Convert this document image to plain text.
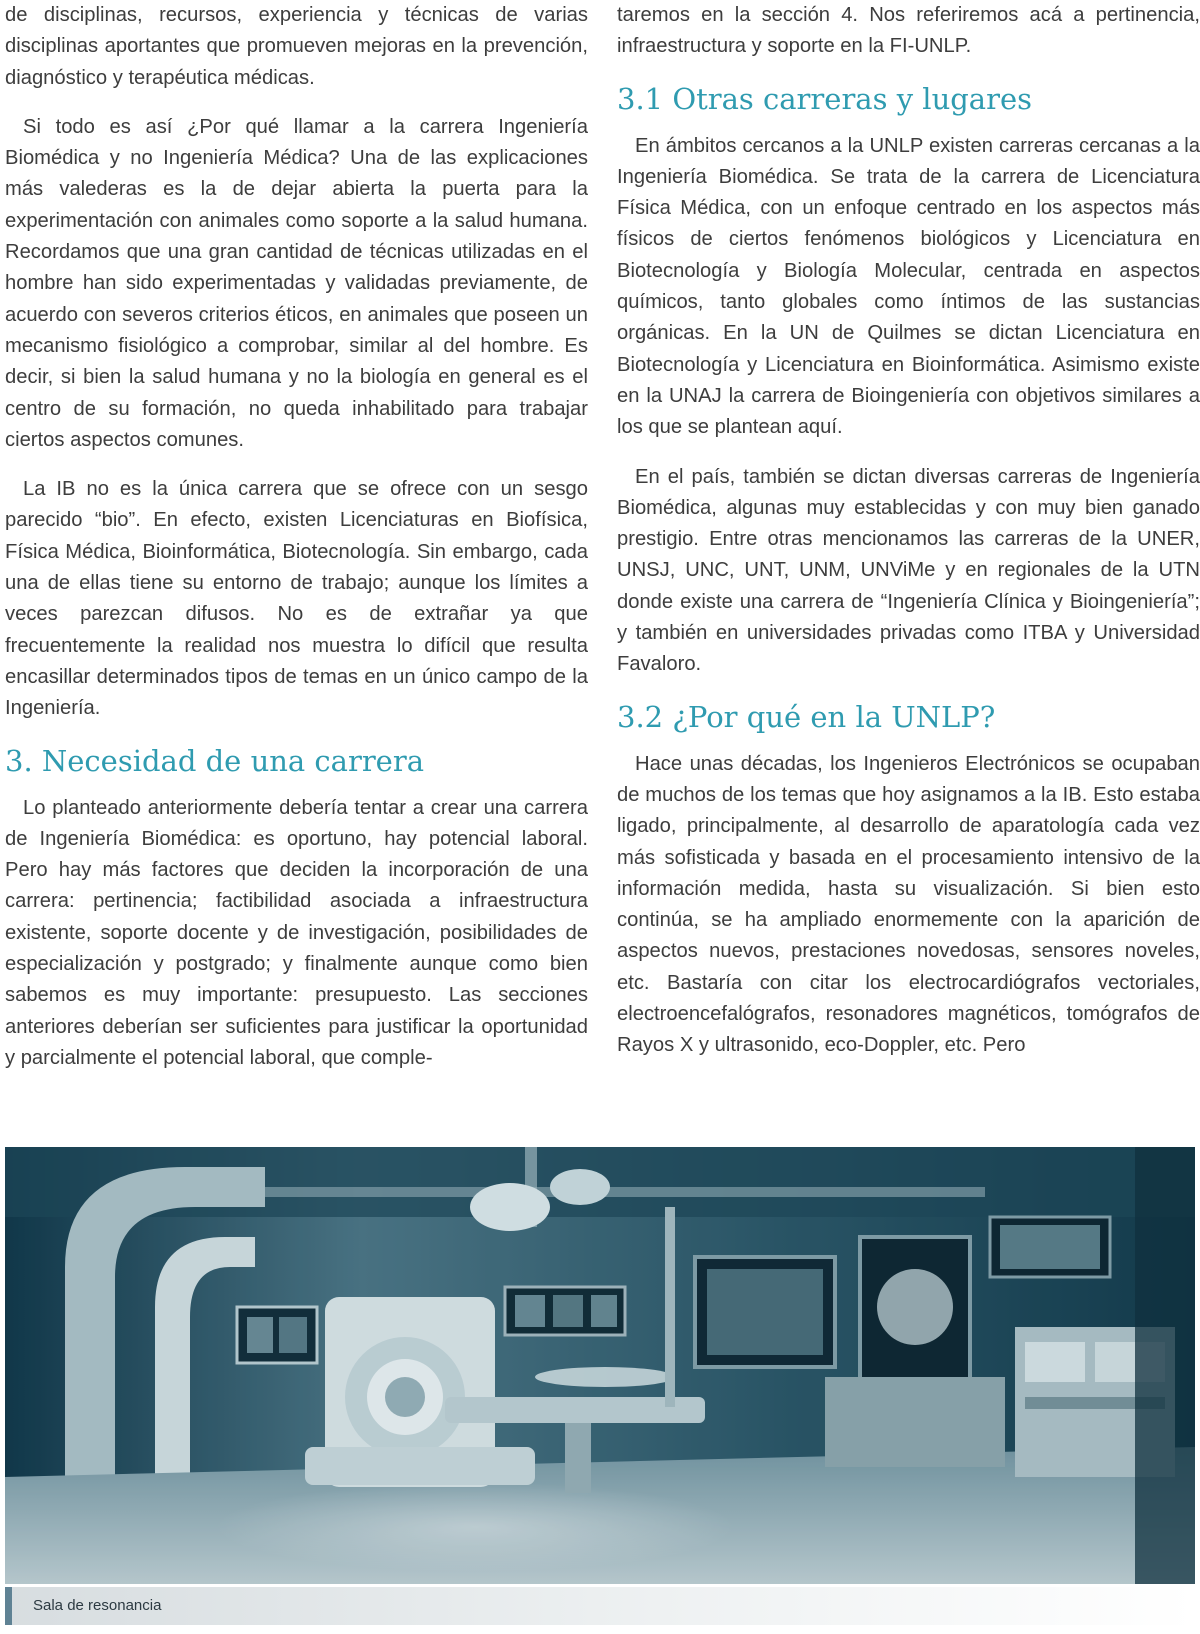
de disciplinas, recursos, experiencia y técnicas de varias disciplinas aportantes que promueven mejoras en la prevención, diagnóstico y terapéutica médicas.

Si todo es así ¿Por qué llamar a la carrera Ingeniería Biomédica y no Ingeniería Médica? Una de las explicaciones más valederas es la de dejar abierta la puerta para la experimentación con animales como soporte a la salud humana. Recordamos que una gran cantidad de técnicas utilizadas en el hombre han sido experimentadas y validadas previamente, de acuerdo con severos criterios éticos, en animales que poseen un mecanismo fisiológico a comprobar, similar al del hombre. Es decir, si bien la salud humana y no la biología en general es el centro de su formación, no queda inhabilitado para trabajar ciertos aspectos comunes.

La IB no es la única carrera que se ofrece con un sesgo parecido “bio”. En efecto, existen Licenciaturas en Biofísica, Física Médica, Bioinformática, Biotecnología. Sin embargo, cada una de ellas tiene su entorno de trabajo; aunque los límites a veces parezcan difusos. No es de extrañar ya que frecuentemente la realidad nos muestra lo difícil que resulta encasillar determinados tipos de temas en un único campo de la Ingeniería.

3. Necesidad de una carrera

Lo planteado anteriormente debería tentar a crear una carrera de Ingeniería Biomédica: es oportuno, hay potencial laboral. Pero hay más factores que deciden la incorporación de una carrera: pertinencia; factibilidad asociada a infraestructura existente, soporte docente y de investigación, posibilidades de especialización y postgrado; y finalmente aunque como bien sabemos es muy importante: presupuesto. Las secciones anteriores deberían ser suficientes para justificar la oportunidad y parcialmente el potencial laboral, que comple-

taremos en la sección 4. Nos referiremos acá a pertinencia, infraestructura y soporte en la FI-UNLP.

3.1 Otras carreras y lugares

En ámbitos cercanos a la UNLP existen carreras cercanas a la Ingeniería Biomédica. Se trata de la carrera de Licenciatura Física Médica, con un enfoque centrado en los aspectos más físicos de ciertos fenómenos biológicos y Licenciatura en Biotecnología y Biología Molecular, centrada en aspectos químicos, tanto globales como íntimos de las sustancias orgánicas. En la UN de Quilmes se dictan Licenciatura en Biotecnología y Licenciatura en Bioinformática. Asimismo existe en la UNAJ la carrera de Bioingeniería con objetivos similares a los que se plantean aquí.

En el país, también se dictan diversas carreras de Ingeniería Biomédica, algunas muy establecidas y con muy bien ganado prestigio. Entre otras mencionamos las carreras de la UNER, UNSJ, UNC, UNT, UNM, UNViMe y en regionales de la UTN donde existe una carrera de “Ingeniería Clínica y Bioingeniería”; y también en universidades privadas como ITBA y Universidad Favaloro.

3.2 ¿Por qué en la UNLP?

Hace unas décadas, los Ingenieros Electrónicos se ocupaban de muchos de los temas que hoy asignamos a la IB. Esto estaba ligado, principalmente, al desarrollo de aparatología cada vez más sofisticada y basada en el procesamiento intensivo de la información medida, hasta su visualización. Si bien esto continúa, se ha ampliado enormemente con la aparición de aspectos nuevos, prestaciones novedosas, sensores noveles, etc. Bastaría con citar los electrocardiógrafos vectoriales, electroencefalógrafos, resonadores magnéticos, tomógrafos de Rayos X y ultrasonido, eco-Doppler, etc. Pero

Sala de resonancia
